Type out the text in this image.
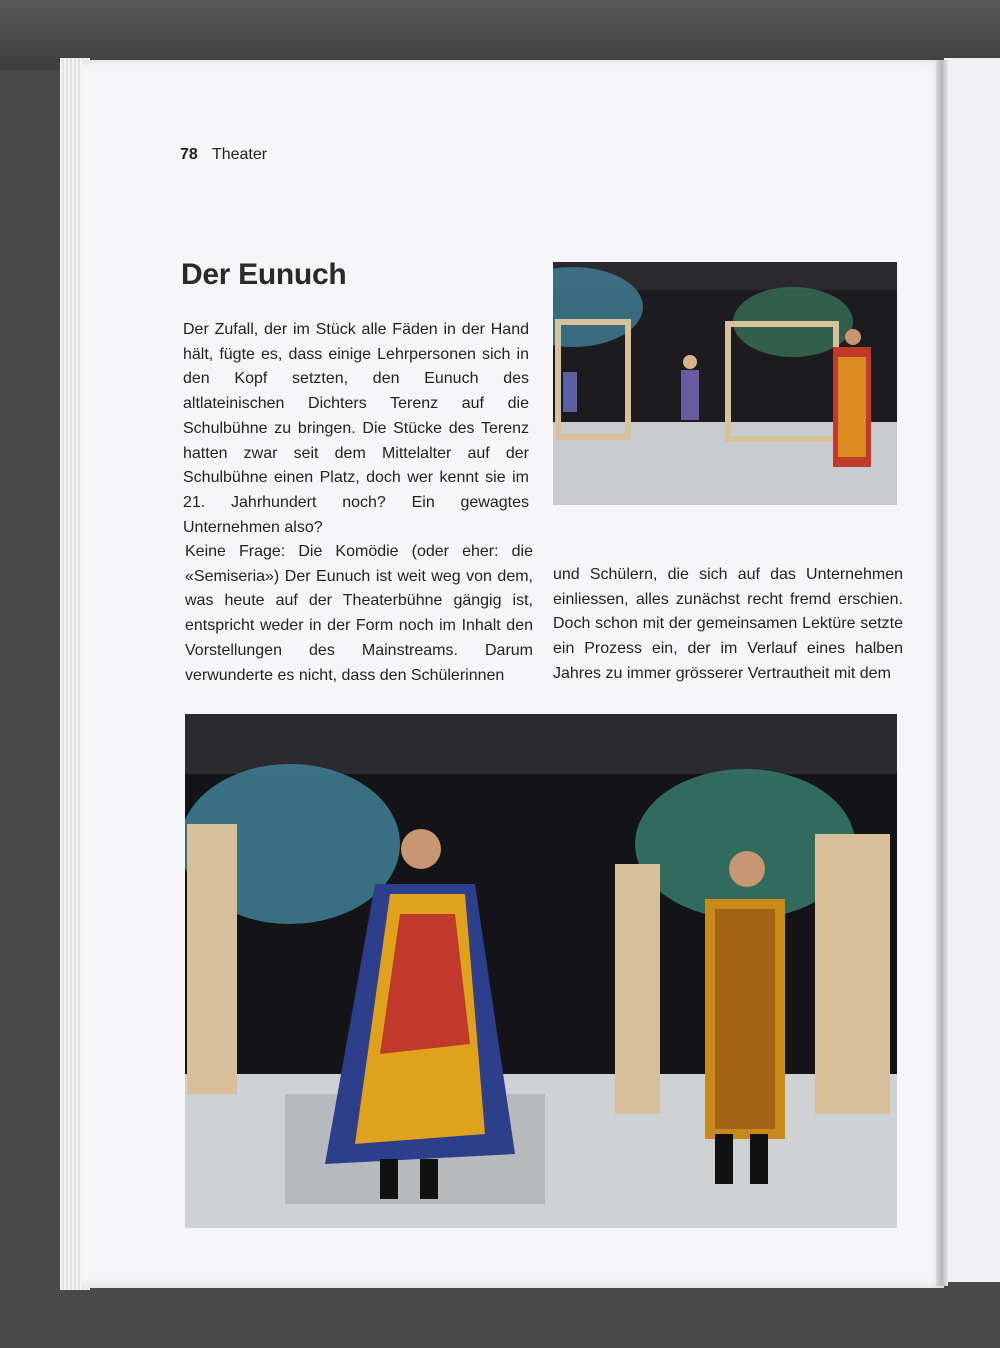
78 Theater
Der Eunuch

Der Zufall, der im Stück alle Fäden in der Hand hält, fügte es, dass einige Lehrpersonen sich in den Kopf setzten, den Eunuch des altlateinischen Dichters Terenz auf die Schulbühne zu bringen. Die Stücke des Terenz hatten zwar seit dem Mittelalter auf der Schulbühne einen Platz, doch wer kennt sie im 21. Jahrhundert noch? Ein gewagtes Unternehmen also?

Keine Frage: Die Komödie (oder eher: die «Semiseria») Der Eunuch ist weit weg von dem, was heute auf der Theaterbühne gängig ist, entspricht weder in der Form noch im Inhalt den Vorstellungen des Mainstreams. Darum verwunderte es nicht, dass den Schülerinnen

und Schülern, die sich auf das Unternehmen einliessen, alles zunächst recht fremd erschien. Doch schon mit der gemeinsamen Lektüre setzte ein Prozess ein, der im Verlauf eines halben Jahres zu immer grösserer Vertrautheit mit dem
